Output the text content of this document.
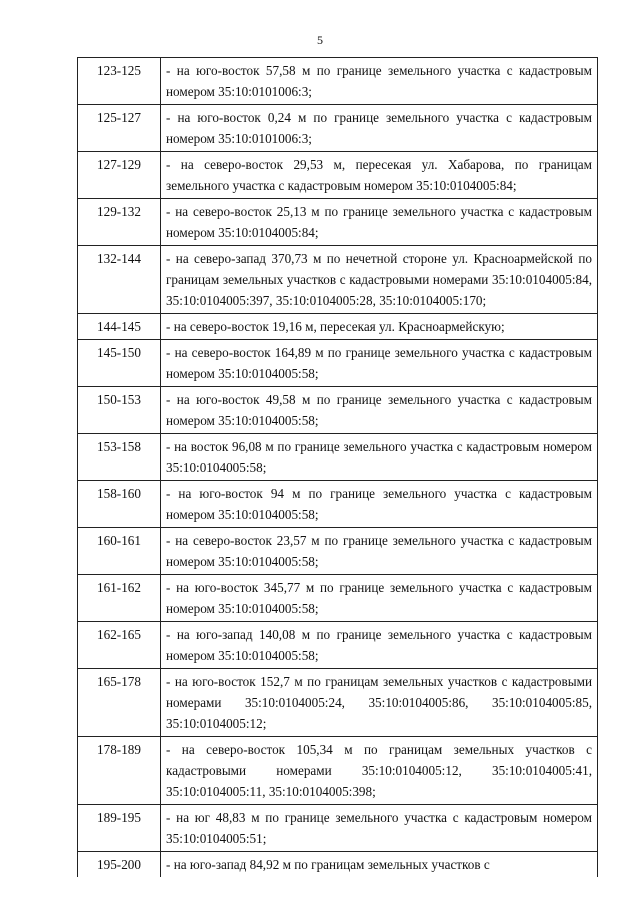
5
123-125	- на юго-восток 57,58 м по границе земельного участка с кадастровым номером 35:10:0101006:3;
125-127	- на юго-восток 0,24 м по границе земельного участка с кадастровым номером 35:10:0101006:3;
127-129	- на северо-восток 29,53 м, пересекая ул. Хабарова, по границам земельного участка с кадастровым номером 35:10:0104005:84;
129-132	- на северо-восток 25,13 м по границе земельного участка с кадастровым номером 35:10:0104005:84;
132-144	- на северо-запад 370,73 м по нечетной стороне ул. Красноармейской по границам земельных участков с кадастровыми номерами 35:10:0104005:84, 35:10:0104005:397, 35:10:0104005:28, 35:10:0104005:170;
144-145	- на северо-восток 19,16 м, пересекая ул. Красноармейскую;
145-150	- на северо-восток 164,89 м по границе земельного участка с кадастровым номером 35:10:0104005:58;
150-153	- на юго-восток 49,58 м по границе земельного участка с кадастровым номером 35:10:0104005:58;
153-158	- на восток 96,08 м по границе земельного участка с кадастровым номером 35:10:0104005:58;
158-160	- на юго-восток 94 м по границе земельного участка с кадастровым номером 35:10:0104005:58;
160-161	- на северо-восток 23,57 м по границе земельного участка с кадастровым номером 35:10:0104005:58;
161-162	- на юго-восток 345,77 м по границе земельного участка с кадастровым номером 35:10:0104005:58;
162-165	- на юго-запад 140,08 м по границе земельного участка с кадастровым номером 35:10:0104005:58;
165-178	- на юго-восток 152,7 м по границам земельных участков с кадастровыми номерами 35:10:0104005:24, 35:10:0104005:86, 35:10:0104005:85, 35:10:0104005:12;
178-189	- на северо-восток 105,34 м по границам земельных участков с кадастровыми номерами 35:10:0104005:12, 35:10:0104005:41, 35:10:0104005:11, 35:10:0104005:398;
189-195	- на юг 48,83 м по границе земельного участка с кадастровым номером 35:10:0104005:51;
195-200	- на юго-запад 84,92 м по границам земельных участков с
